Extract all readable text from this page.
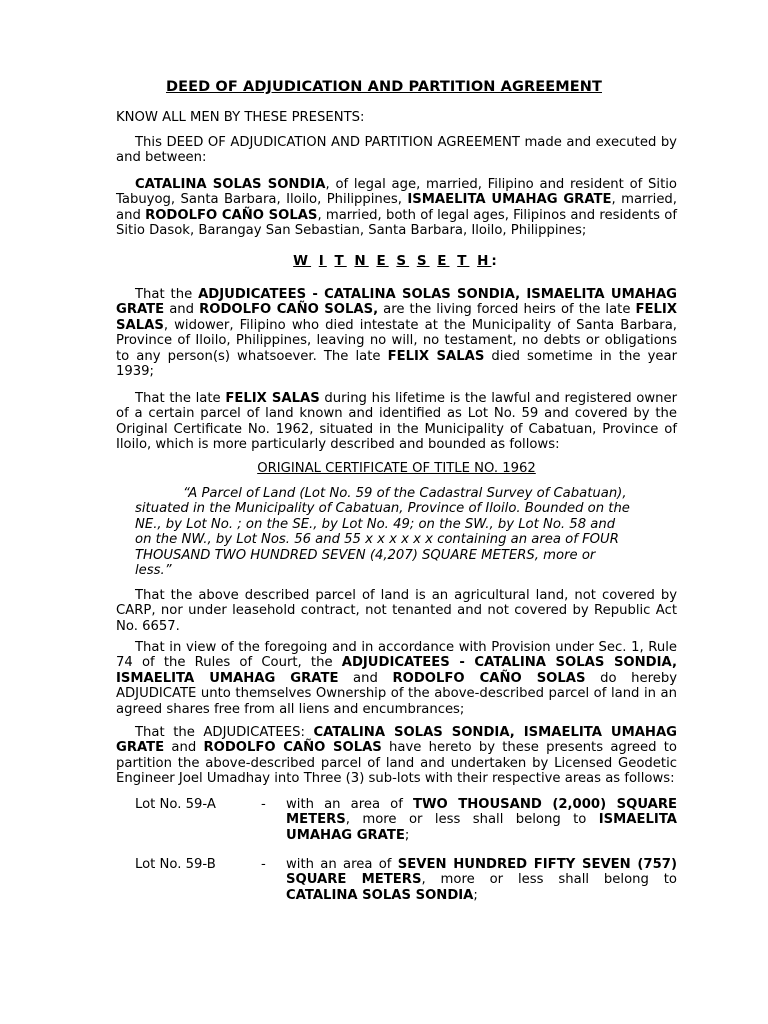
DEED OF ADJUDICATION AND PARTITION AGREEMENT

KNOW ALL MEN BY THESE PRESENTS:

This DEED OF ADJUDICATION AND PARTITION AGREEMENT made and executed by and between:

CATALINA SOLAS SONDIA, of legal age, married, Filipino and resident of Sitio Tabuyog, Santa Barbara, Iloilo, Philippines, ISMAELITA UMAHAG GRATE, married, and RODOLFO CAÑO SOLAS, married, both of legal ages, Filipinos and residents of Sitio Dasok, Barangay San Sebastian, Santa Barbara, Iloilo, Philippines;

W I T N E S S E T H:

That the ADJUDICATEES - CATALINA SOLAS SONDIA, ISMAELITA UMAHAG GRATE and RODOLFO CAÑO SOLAS, are the living forced heirs of the late FELIX SALAS, widower, Filipino who died intestate at the Municipality of Santa Barbara, Province of Iloilo, Philippines, leaving no will, no testament, no debts or obligations to any person(s) whatsoever. The late FELIX SALAS died sometime in the year 1939;

That the late FELIX SALAS during his lifetime is the lawful and registered owner of a certain parcel of land known and identified as Lot No. 59 and covered by the Original Certificate No. 1962, situated in the Municipality of Cabatuan, Province of Iloilo, which is more particularly described and bounded as follows:

ORIGINAL CERTIFICATE OF TITLE NO. 1962

“A Parcel of Land (Lot No. 59 of the Cadastral Survey of Cabatuan), situated in the Municipality of Cabatuan, Province of Iloilo. Bounded on the NE., by Lot No. ; on the SE., by Lot No. 49; on the SW., by Lot No. 58 and on the NW., by Lot Nos. 56 and 55 x x x x x x containing an area of FOUR THOUSAND TWO HUNDRED SEVEN (4,207) SQUARE METERS, more or less.”

That the above described parcel of land is an agricultural land, not covered by CARP, nor under leasehold contract, not tenanted and not covered by Republic Act No. 6657.

That in view of the foregoing and in accordance with Provision under Sec. 1, Rule 74 of the Rules of Court, the ADJUDICATEES - CATALINA SOLAS SONDIA, ISMAELITA UMAHAG GRATE and RODOLFO CAÑO SOLAS do hereby ADJUDICATE unto themselves Ownership of the above-described parcel of land in an agreed shares free from all liens and encumbrances;

That the ADJUDICATEES: CATALINA SOLAS SONDIA, ISMAELITA UMAHAG GRATE and RODOLFO CAÑO SOLAS have hereto by these presents agreed to partition the above-described parcel of land and undertaken by Licensed Geodetic Engineer Joel Umadhay into Three (3) sub-lots with their respective areas as follows:

Lot No. 59-A	- with an area of TWO THOUSAND (2,000) SQUARE METERS, more or less shall belong to ISMAELITA UMAHAG GRATE;

Lot No. 59-B	- with an area of SEVEN HUNDRED FIFTY SEVEN (757) SQUARE METERS, more or less shall belong to CATALINA SOLAS SONDIA;
